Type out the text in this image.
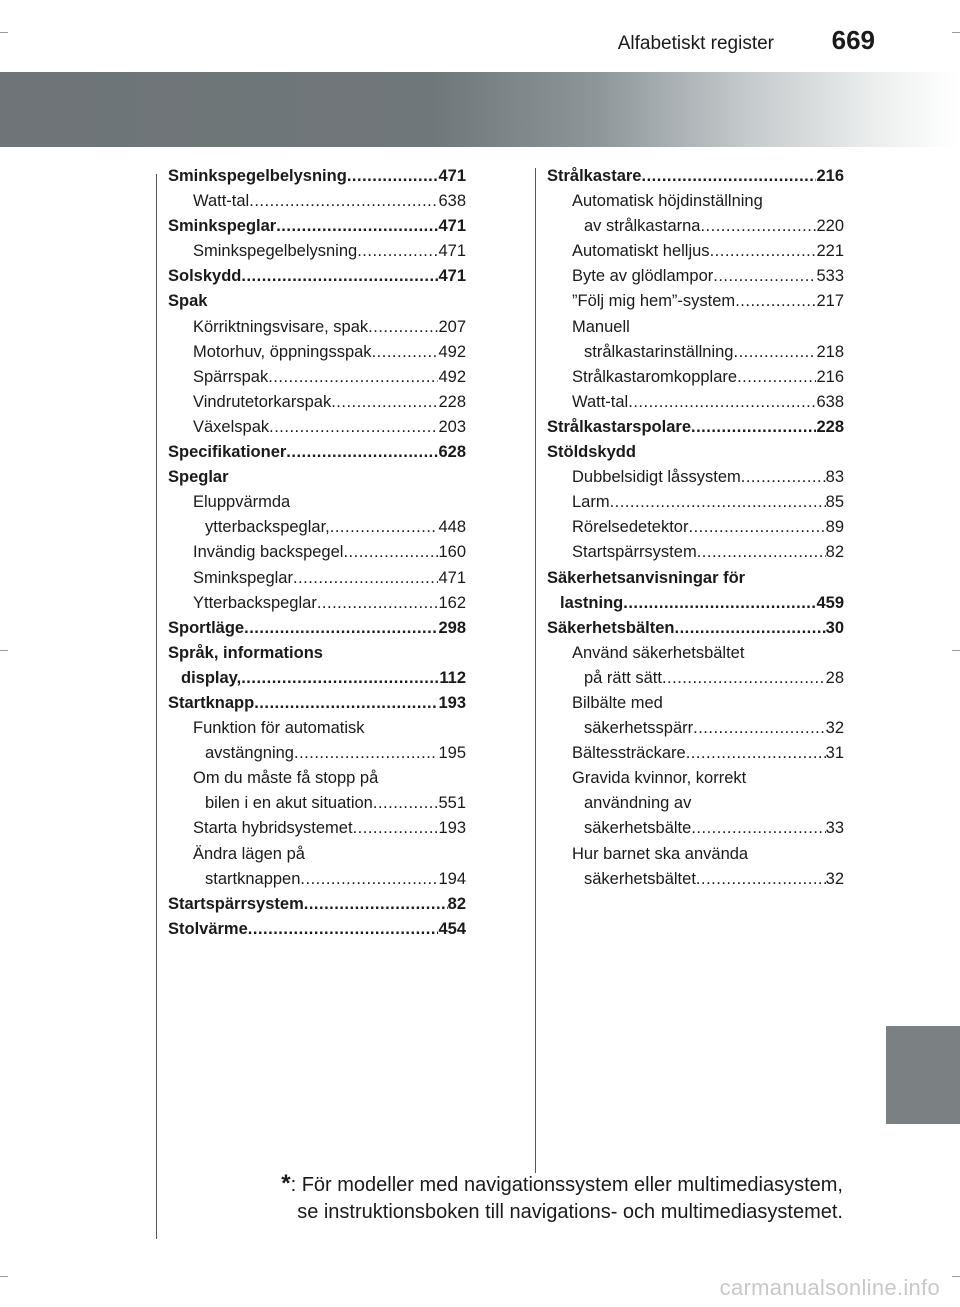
Alfabetiskt register 669
Sminkspegelbelysning .....	471
Watt-tal .....	638
Sminkspeglar .....	471
Sminkspegelbelysning .....	471
Solskydd .....	471
Spak
Körriktningsvisare, spak .....	207
Motorhuv, öppningsspak .....	492
Spärrspak .....	492
Vindrutetorkarspak .....	228
Växelspak .....	203
Specifikationer .....	628
Speglar
Eluppvärmda
ytterbackspeglar, .....	448
Invändig backspegel .....	160
Sminkspeglar .....	471
Ytterbackspeglar .....	162
Sportläge .....	298
Språk, informations
display, .....	112
Startknapp .....	193
Funktion för automatisk
avstängning .....	195
Om du måste få stopp på
bilen i en akut situation .....	551
Starta hybridsystemet .....	193
Ändra lägen på
startknappen .....	194
Startspärrsystem .....	82
Stolvärme .....	454
Strålkastare .....	216
Automatisk höjdinställning
av strålkastarna .....	220
Automatiskt helljus .....	221
Byte av glödlampor .....	533
”Följ mig hem”-system .....	217
Manuell
strålkastarinställning .....	218
Strålkastaromkopplare .....	216
Watt-tal .....	638
Strålkastarspolare .....	228
Stöldskydd
Dubbelsidigt låssystem .....	83
Larm .....	85
Rörelsedetektor .....	89
Startspärrsystem .....	82
Säkerhetsanvisningar för
lastning .....	459
Säkerhetsbälten .....	30
Använd säkerhetsbältet
på rätt sätt .....	28
Bilbälte med
säkerhetsspärr .....	32
Bältessträckare .....	31
Gravida kvinnor, korrekt
användning av
säkerhetsbälte .....	33
Hur barnet ska använda
säkerhetsbältet .....	32
*: För modeller med navigationssystem eller multimediasystem,
se instruktionsboken till navigations- och multimediasystemet.
carmanualsonline.info
